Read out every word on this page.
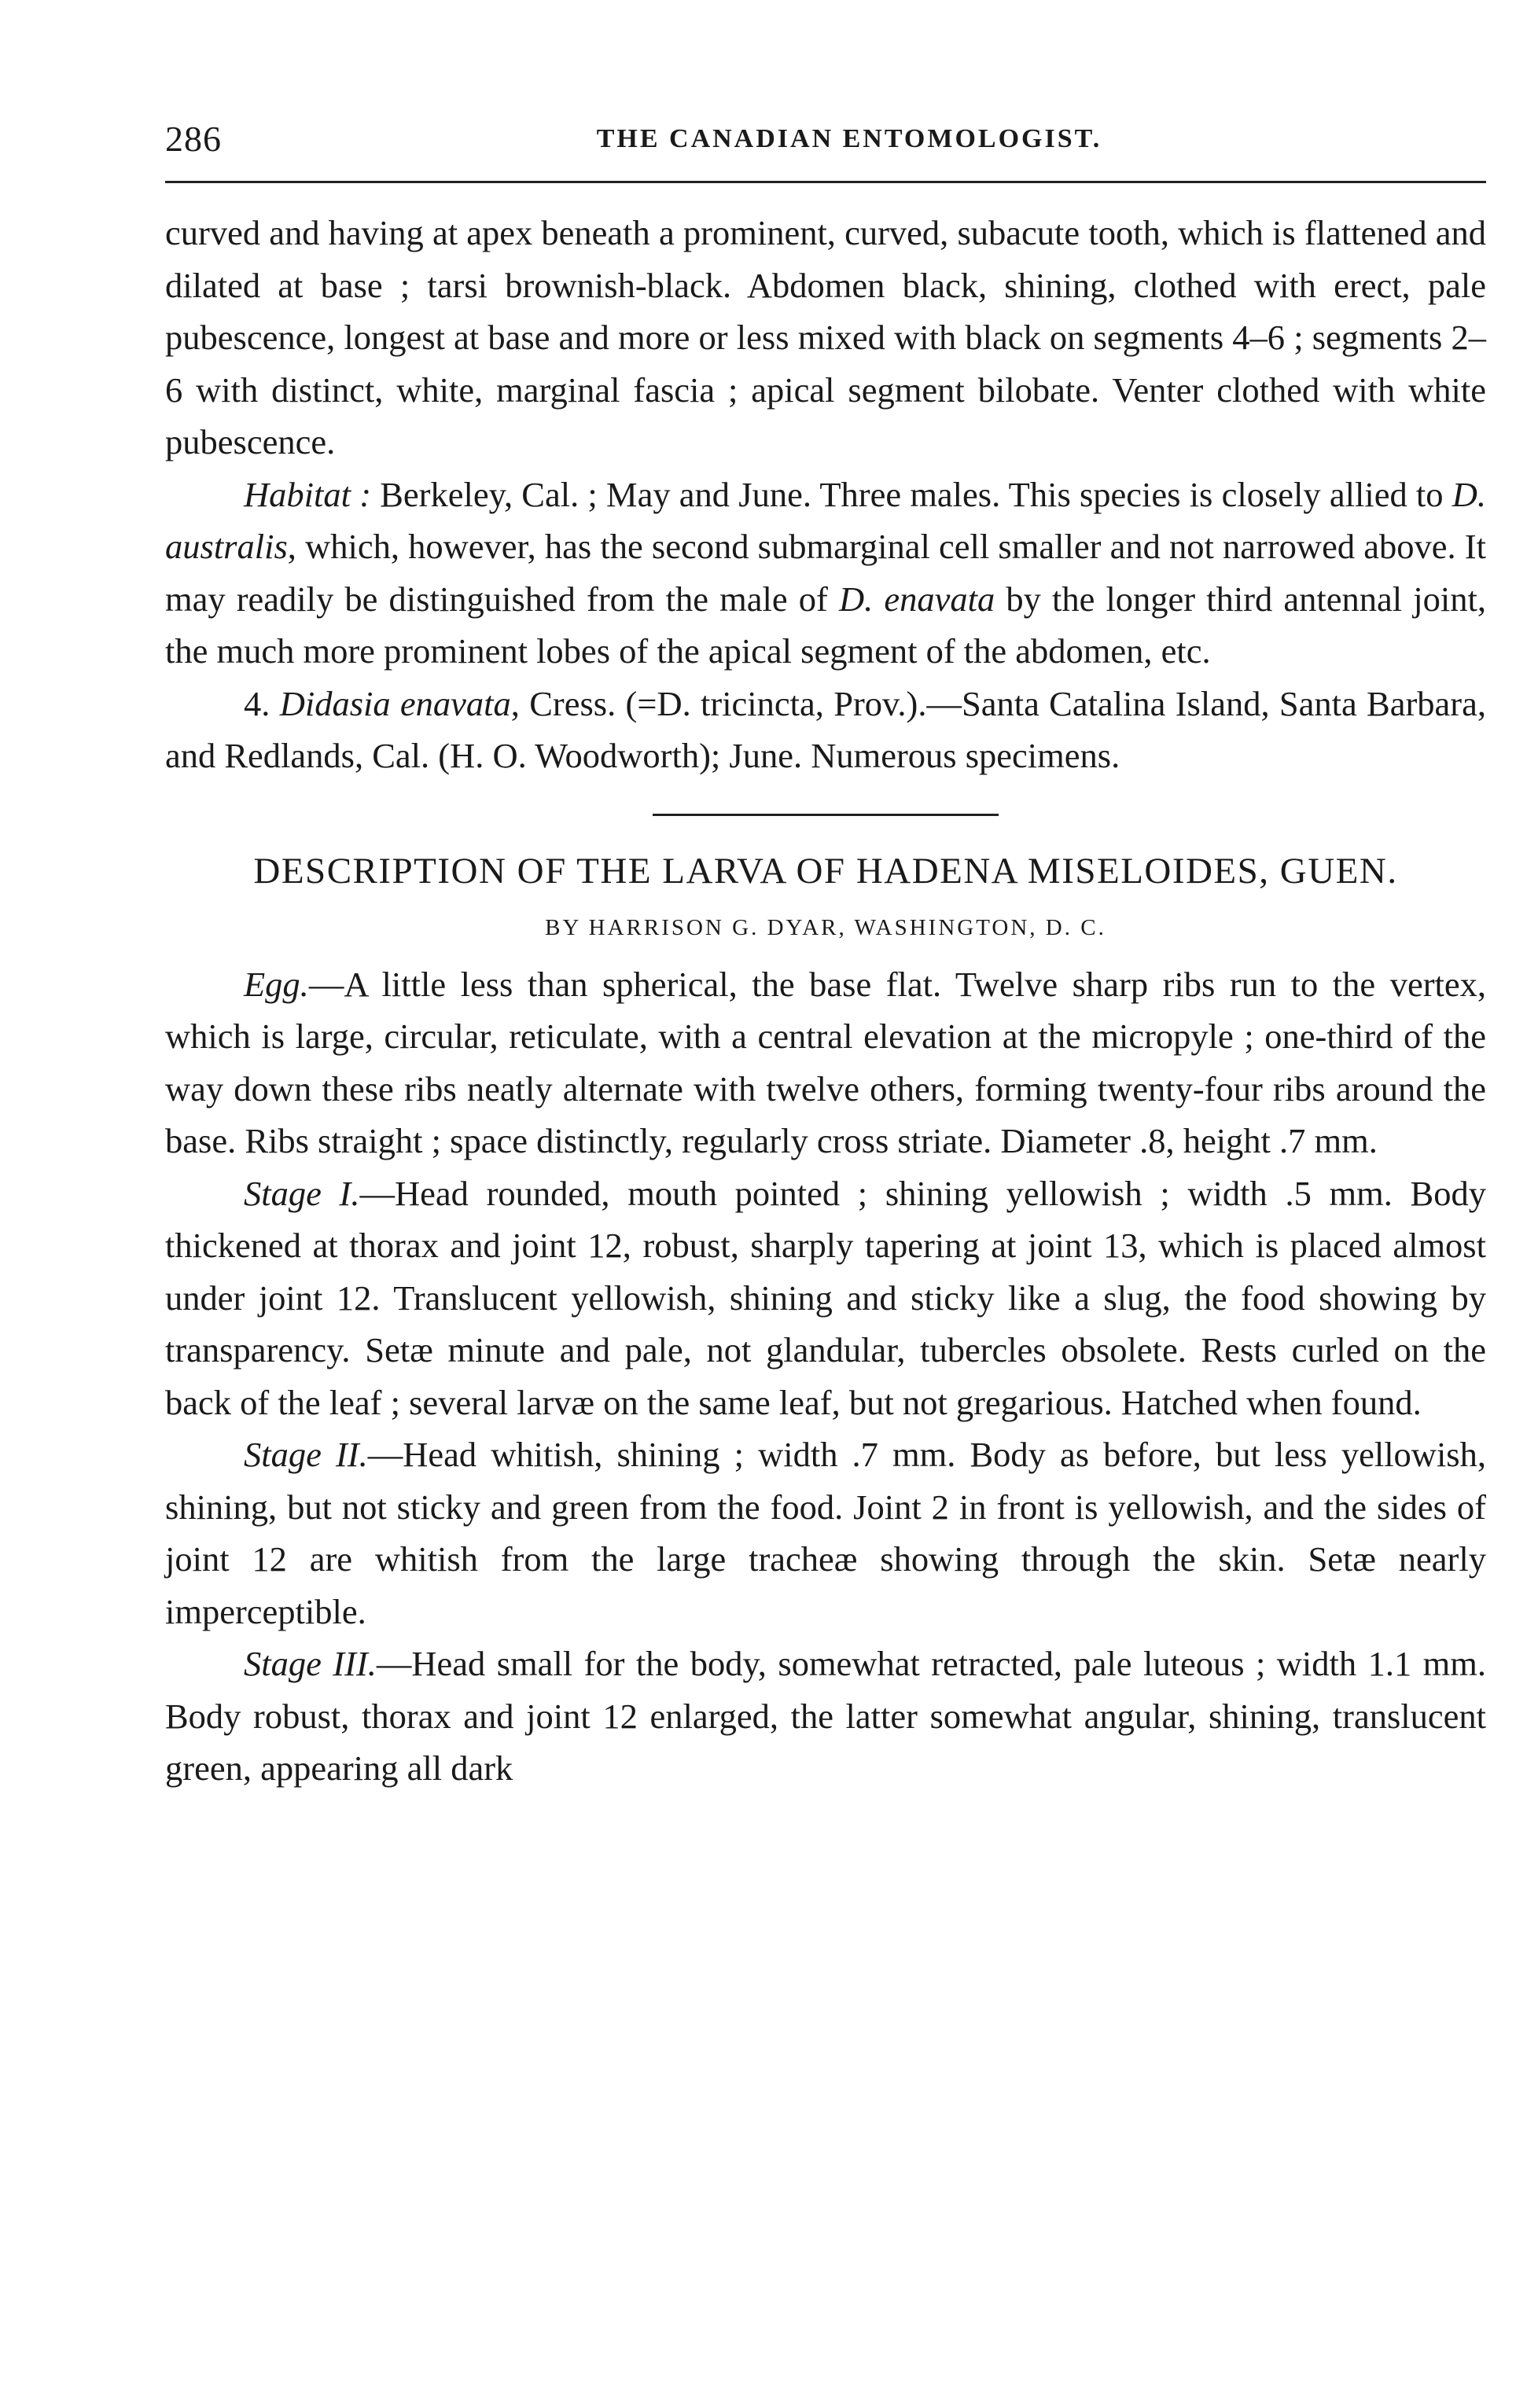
286	THE CANADIAN ENTOMOLOGIST.

curved and having at apex beneath a prominent, curved, subacute tooth, which is flattened and dilated at base ; tarsi brownish-black. Abdomen black, shining, clothed with erect, pale pubescence, longest at base and more or less mixed with black on segments 4–6 ; segments 2–6 with distinct, white, marginal fascia ; apical segment bilobate. Venter clothed with white pubescence.

Habitat : Berkeley, Cal. ; May and June. Three males. This species is closely allied to D. australis, which, however, has the second submarginal cell smaller and not narrowed above. It may readily be distinguished from the male of D. enavata by the longer third antennal joint, the much more prominent lobes of the apical segment of the abdomen, etc.

4. Didasia enavata, Cress. (=D. tricincta, Prov.).—Santa Catalina Island, Santa Barbara, and Redlands, Cal. (H. O. Woodworth); June. Numerous specimens.

DESCRIPTION OF THE LARVA OF HADENA MISELOIDES, GUEN.
BY HARRISON G. DYAR, WASHINGTON, D. C.

Egg.—A little less than spherical, the base flat. Twelve sharp ribs run to the vertex, which is large, circular, reticulate, with a central elevation at the micropyle ; one-third of the way down these ribs neatly alternate with twelve others, forming twenty-four ribs around the base. Ribs straight ; space distinctly, regularly cross striate. Diameter .8, height .7 mm.

Stage I.—Head rounded, mouth pointed ; shining yellowish ; width .5 mm. Body thickened at thorax and joint 12, robust, sharply tapering at joint 13, which is placed almost under joint 12. Translucent yellowish, shining and sticky like a slug, the food showing by transparency. Setæ minute and pale, not glandular, tubercles obsolete. Rests curled on the back of the leaf ; several larvæ on the same leaf, but not gregarious. Hatched when found.

Stage II.—Head whitish, shining ; width .7 mm. Body as before, but less yellowish, shining, but not sticky and green from the food. Joint 2 in front is yellowish, and the sides of joint 12 are whitish from the large tracheæ showing through the skin. Setæ nearly imperceptible.

Stage III.—Head small for the body, somewhat retracted, pale luteous ; width 1.1 mm. Body robust, thorax and joint 12 enlarged, the latter somewhat angular, shining, translucent green, appearing all dark
